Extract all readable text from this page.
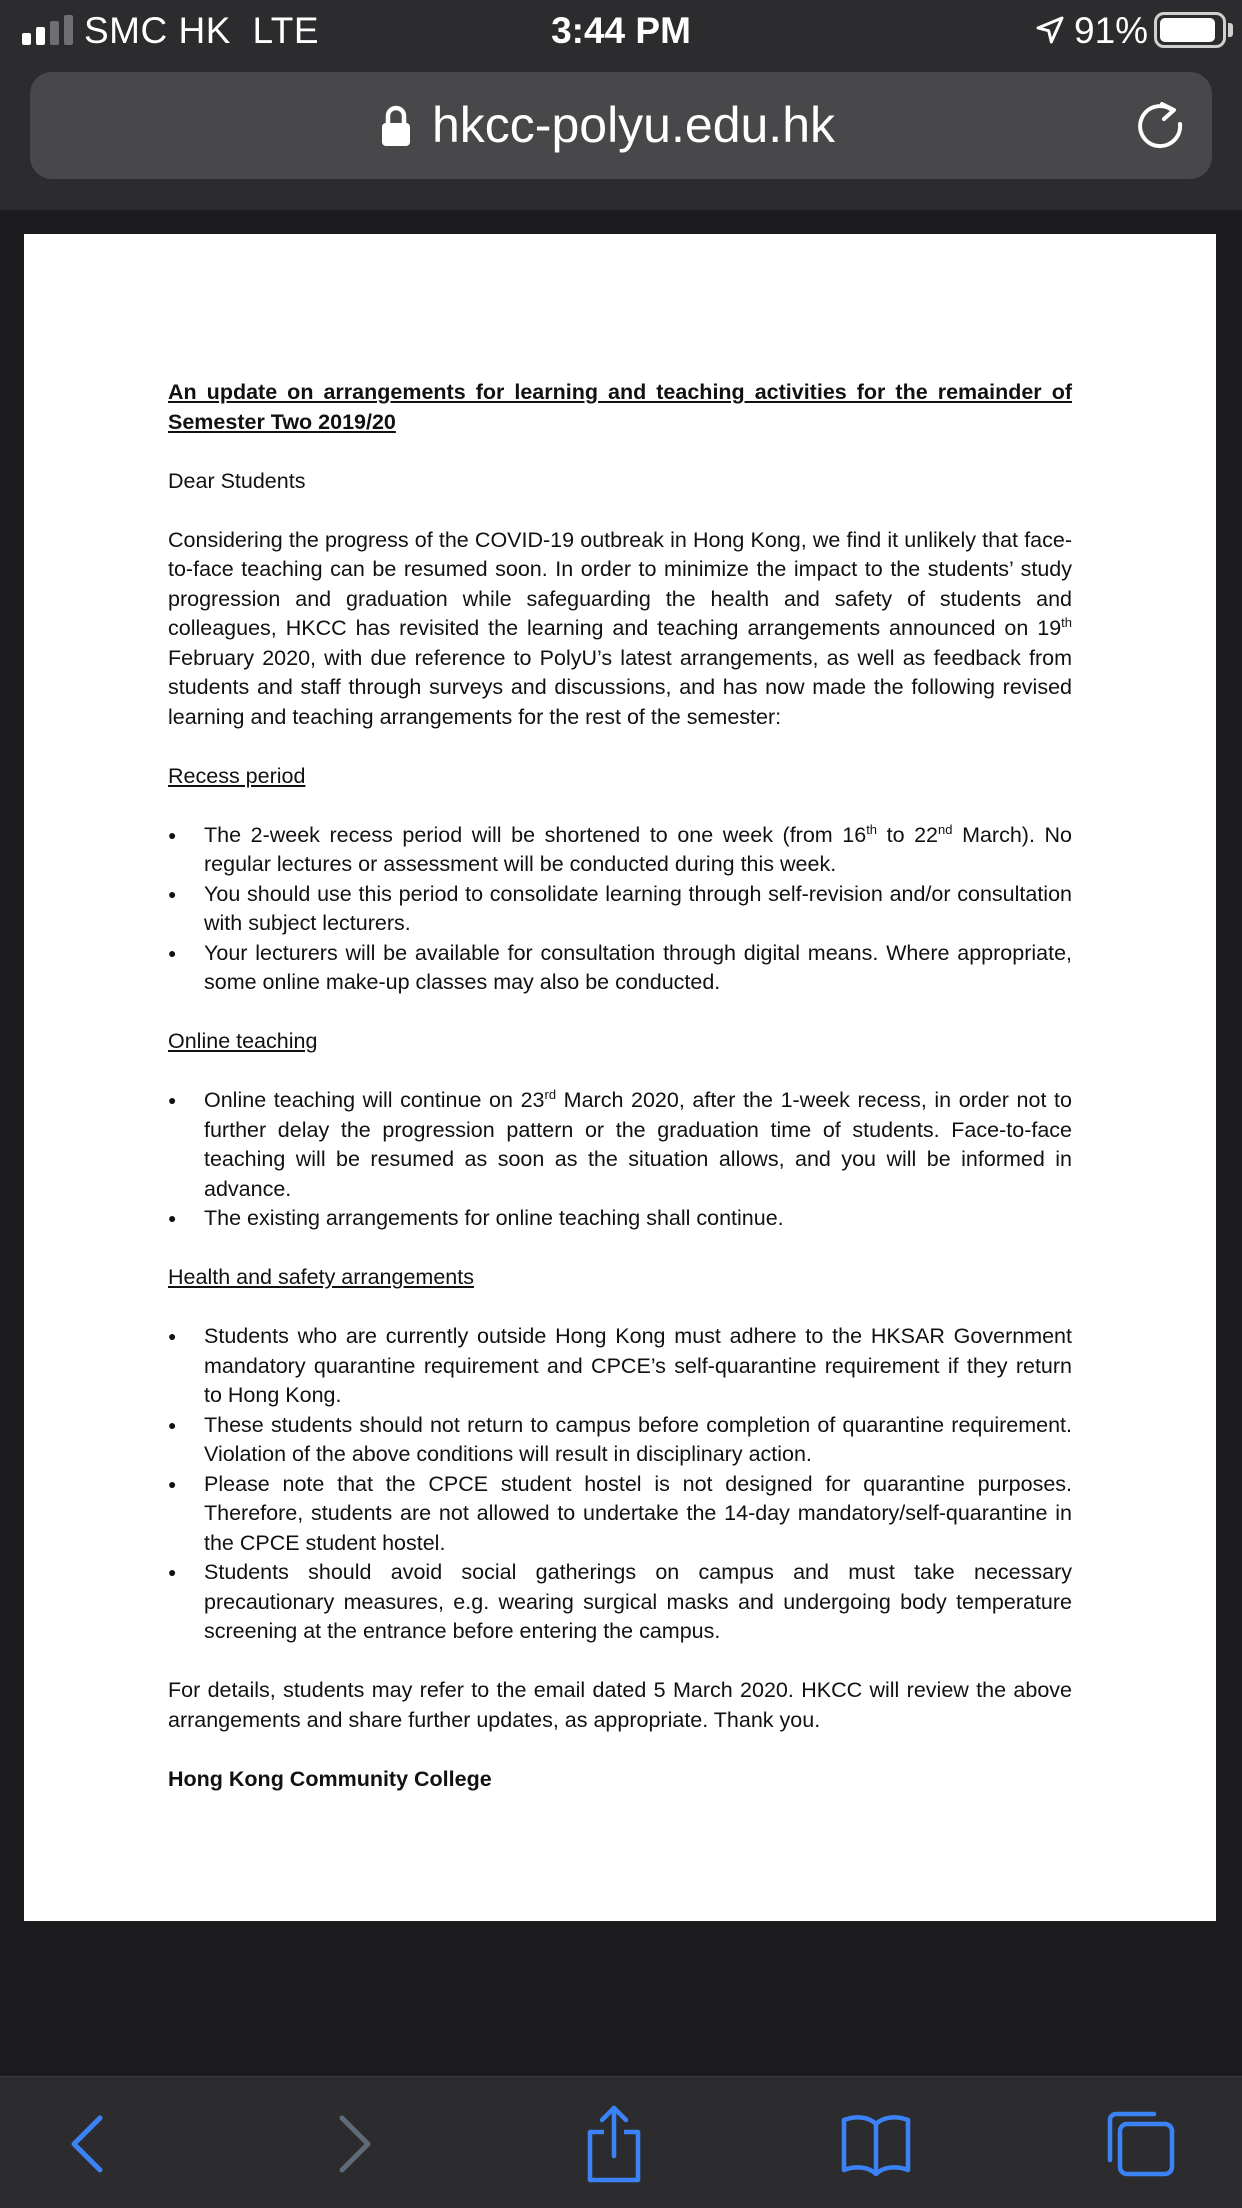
SMC HK  LTE	3:44 PM	91%
hkcc-polyu.edu.hk

An update on arrangements for learning and teaching activities for the remainder of Semester Two 2019/20

Dear Students

Considering the progress of the COVID-19 outbreak in Hong Kong, we find it unlikely that face-to-face teaching can be resumed soon. In order to minimize the impact to the students’ study progression and graduation while safeguarding the health and safety of students and colleagues, HKCC has revisited the learning and teaching arrangements announced on 19th February 2020, with due reference to PolyU’s latest arrangements, as well as feedback from students and staff through surveys and discussions, and has now made the following revised learning and teaching arrangements for the rest of the semester:

Recess period

● The 2-week recess period will be shortened to one week (from 16th to 22nd March). No regular lectures or assessment will be conducted during this week.
● You should use this period to consolidate learning through self-revision and/or consultation with subject lecturers.
● Your lecturers will be available for consultation through digital means. Where appropriate, some online make-up classes may also be conducted.

Online teaching

● Online teaching will continue on 23rd March 2020, after the 1-week recess, in order not to further delay the progression pattern or the graduation time of students. Face-to-face teaching will be resumed as soon as the situation allows, and you will be informed in advance.
● The existing arrangements for online teaching shall continue.

Health and safety arrangements

● Students who are currently outside Hong Kong must adhere to the HKSAR Government mandatory quarantine requirement and CPCE’s self-quarantine requirement if they return to Hong Kong.
● These students should not return to campus before completion of quarantine requirement. Violation of the above conditions will result in disciplinary action.
● Please note that the CPCE student hostel is not designed for quarantine purposes. Therefore, students are not allowed to undertake the 14-day mandatory/self-quarantine in the CPCE student hostel.
● Students should avoid social gatherings on campus and must take necessary precautionary measures, e.g. wearing surgical masks and undergoing body temperature screening at the entrance before entering the campus.

For details, students may refer to the email dated 5 March 2020. HKCC will review the above arrangements and share further updates, as appropriate. Thank you.

Hong Kong Community College
